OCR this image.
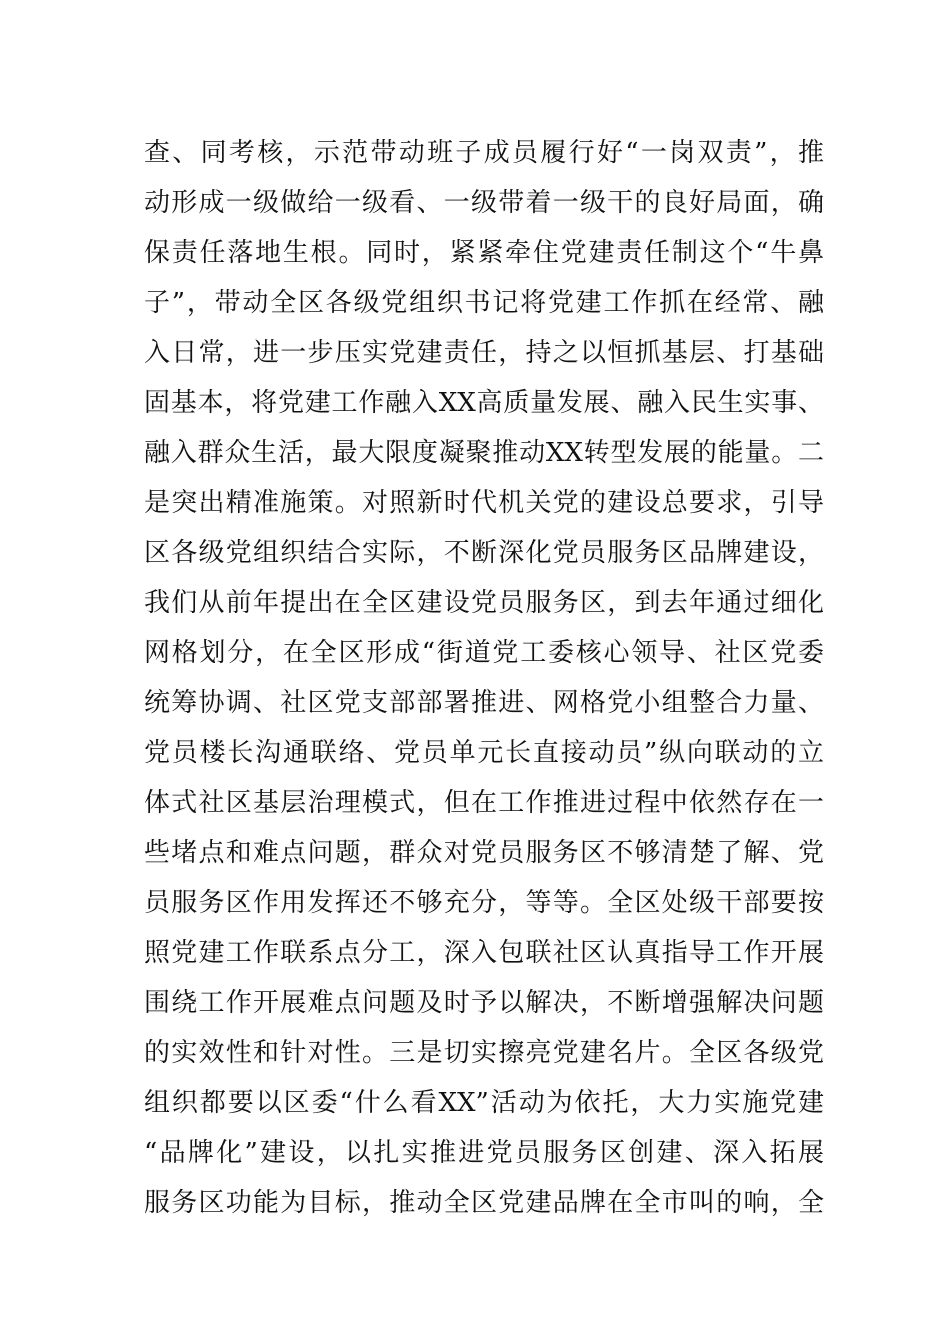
查、同考核，示范带动班子成员履行好“一岗双责”，推
动形成一级做给一级看、一级带着一级干的良好局面，确
保责任落地生根。同时，紧紧牵住党建责任制这个“牛鼻
子”，带动全区各级党组织书记将党建工作抓在经常、融
入日常，进一步压实党建责任，持之以恒抓基层、打基础
固基本，将党建工作融入XX高质量发展、融入民生实事、
融入群众生活，最大限度凝聚推动XX转型发展的能量。二
是突出精准施策。对照新时代机关党的建设总要求，引导
区各级党组织结合实际，不断深化党员服务区品牌建设，
我们从前年提出在全区建设党员服务区，到去年通过细化
网格划分，在全区形成“街道党工委核心领导、社区党委
统筹协调、社区党支部部署推进、网格党小组整合力量、
党员楼长沟通联络、党员单元长直接动员”纵向联动的立
体式社区基层治理模式，但在工作推进过程中依然存在一
些堵点和难点问题，群众对党员服务区不够清楚了解、党
员服务区作用发挥还不够充分，等等。全区处级干部要按
照党建工作联系点分工，深入包联社区认真指导工作开展
围绕工作开展难点问题及时予以解决，不断增强解决问题
的实效性和针对性。三是切实擦亮党建名片。全区各级党
组织都要以区委“什么看XX”活动为依托，大力实施党建
“品牌化”建设，以扎实推进党员服务区创建、深入拓展
服务区功能为目标，推动全区党建品牌在全市叫的响，全
